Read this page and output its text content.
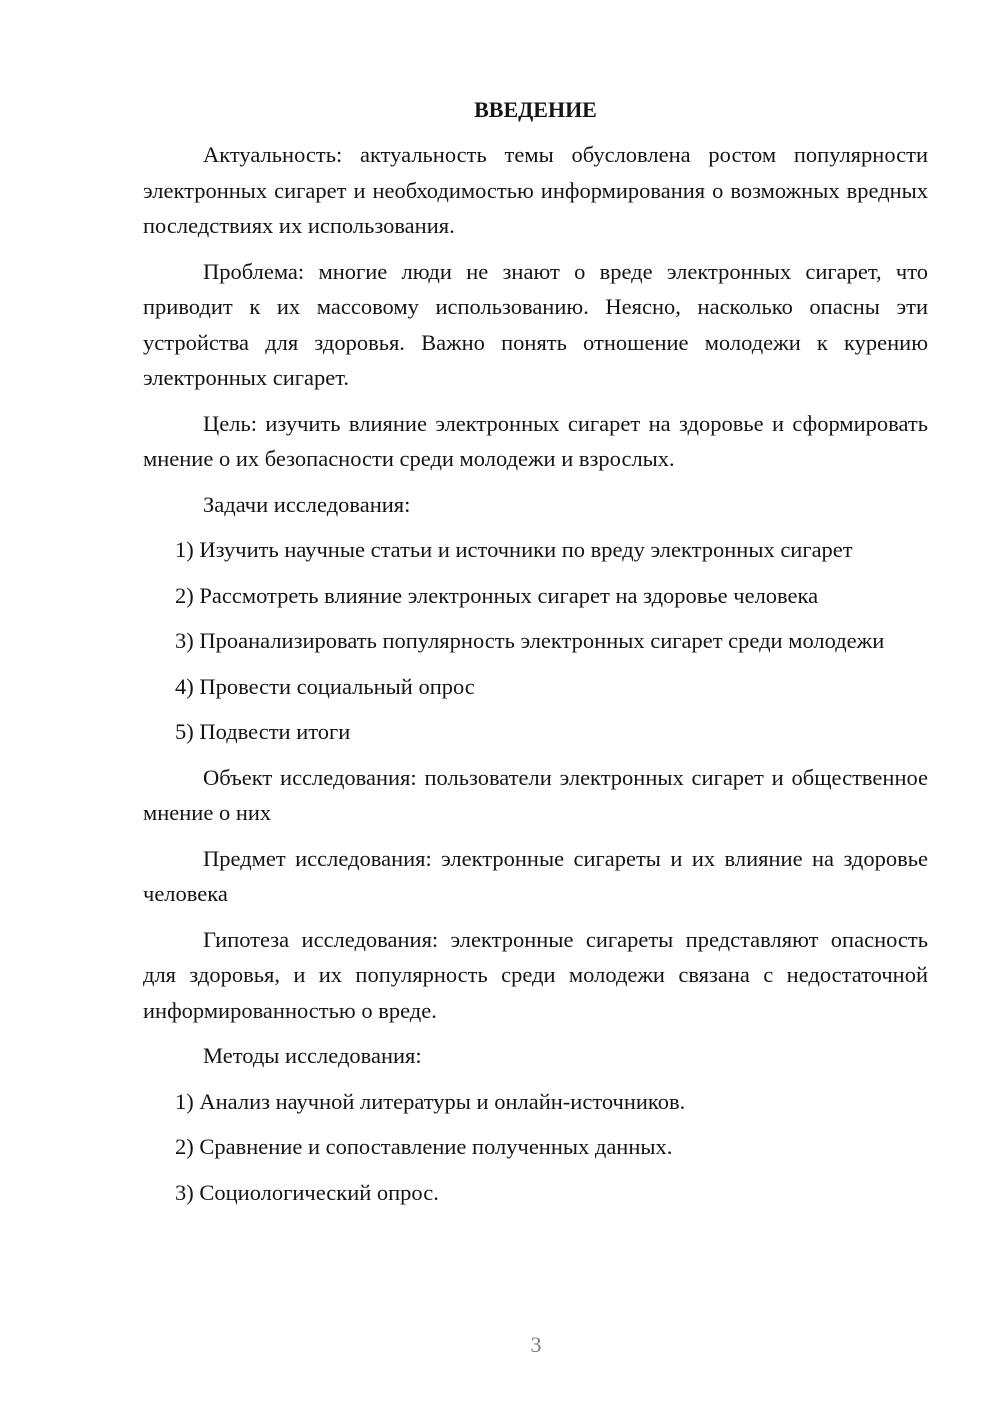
ВВЕДЕНИЕ

Актуальность: актуальность темы обусловлена ростом популярности электронных сигарет и необходимостью информирования о возможных вредных последствиях их использования.

Проблема: многие люди не знают о вреде электронных сигарет, что приводит к их массовому использованию. Неясно, насколько опасны эти устройства для здоровья. Важно понять отношение молодежи к курению электронных сигарет.

Цель: изучить влияние электронных сигарет на здоровье и сформировать мнение о их безопасности среди молодежи и взрослых.

Задачи исследования:

1) Изучить научные статьи и источники по вреду электронных сигарет

2) Рассмотреть влияние электронных сигарет на здоровье человека

3) Проанализировать популярность электронных сигарет среди молодежи

4) Провести социальный опрос

5) Подвести итоги

Объект исследования: пользователи электронных сигарет и общественное мнение о них

Предмет исследования: электронные сигареты и их влияние на здоровье человека

Гипотеза исследования: электронные сигареты представляют опасность для здоровья, и их популярность среди молодежи связана с недостаточной информированностью о вреде.

Методы исследования:

1) Анализ научной литературы и онлайн-источников.

2) Сравнение и сопоставление полученных данных.

3) Социологический опрос.

3
